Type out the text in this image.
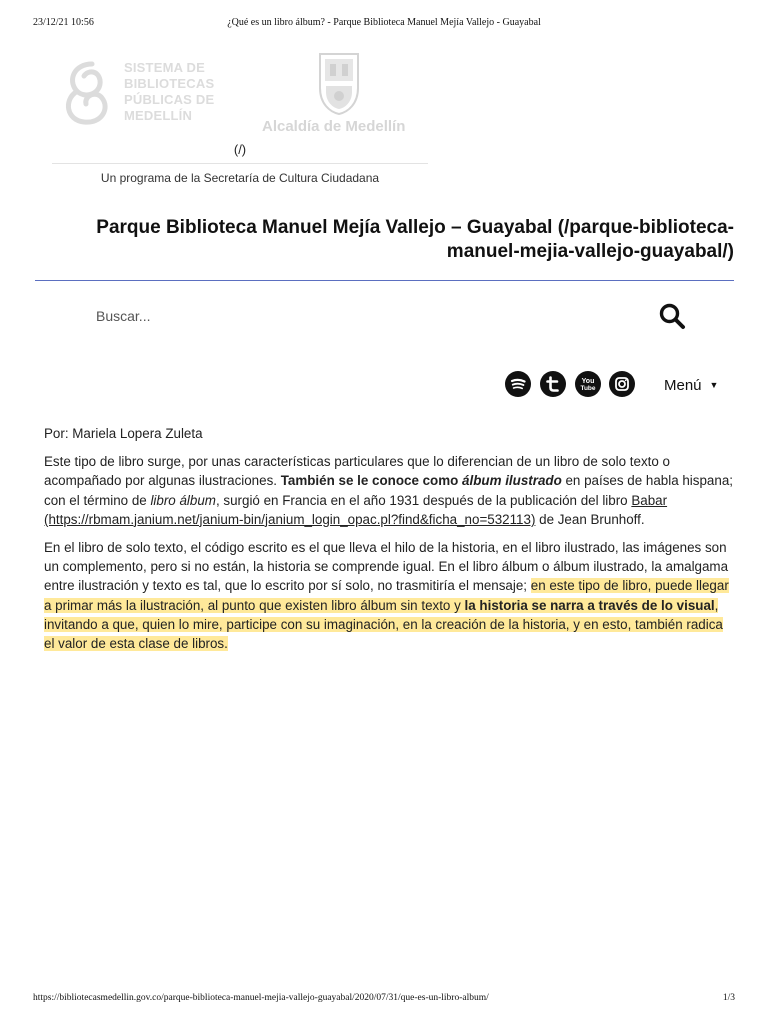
23/12/21 10:56	¿Qué es un libro álbum? - Parque Biblioteca Manuel Mejía Vallejo - Guayabal
SISTEMA DE
BIBLIOTECAS
PÚBLICAS DE
MEDELLÍN
Alcaldía de Medellín
(/)
Un programa de la Secretaría de Cultura Ciudadana
Parque Biblioteca Manuel Mejía Vallejo – Guayabal (/parque-biblioteca-manuel-mejia-vallejo-guayabal/)
Buscar...
You
Tube	Menú ▼

Por: Mariela Lopera Zuleta

Este tipo de libro surge, por unas características particulares que lo diferencian de un libro de solo texto o acompañado por algunas ilustraciones. También se le conoce como álbum ilustrado en países de habla hispana; con el término de libro álbum, surgió en Francia en el año 1931 después de la publicación del libro Babar (https://rbmam.janium.net/janium-bin/janium_login_opac.pl?find&ficha_no=532113) de Jean Brunhoff.

En el libro de solo texto, el código escrito es el que lleva el hilo de la historia, en el libro ilustrado, las imágenes son un complemento, pero si no están, la historia se comprende igual. En el libro álbum o álbum ilustrado, la amalgama entre ilustración y texto es tal, que lo escrito por sí solo, no trasmitiría el mensaje; en este tipo de libro, puede llegar a primar más la ilustración, al punto que existen libro álbum sin texto y la historia se narra a través de lo visual, invitando a que, quien lo mire, participe con su imaginación, en la creación de la historia, y en esto, también radica el valor de esta clase de libros.

https://bibliotecasmedellin.gov.co/parque-biblioteca-manuel-mejia-vallejo-guayabal/2020/07/31/que-es-un-libro-album/	1/3
